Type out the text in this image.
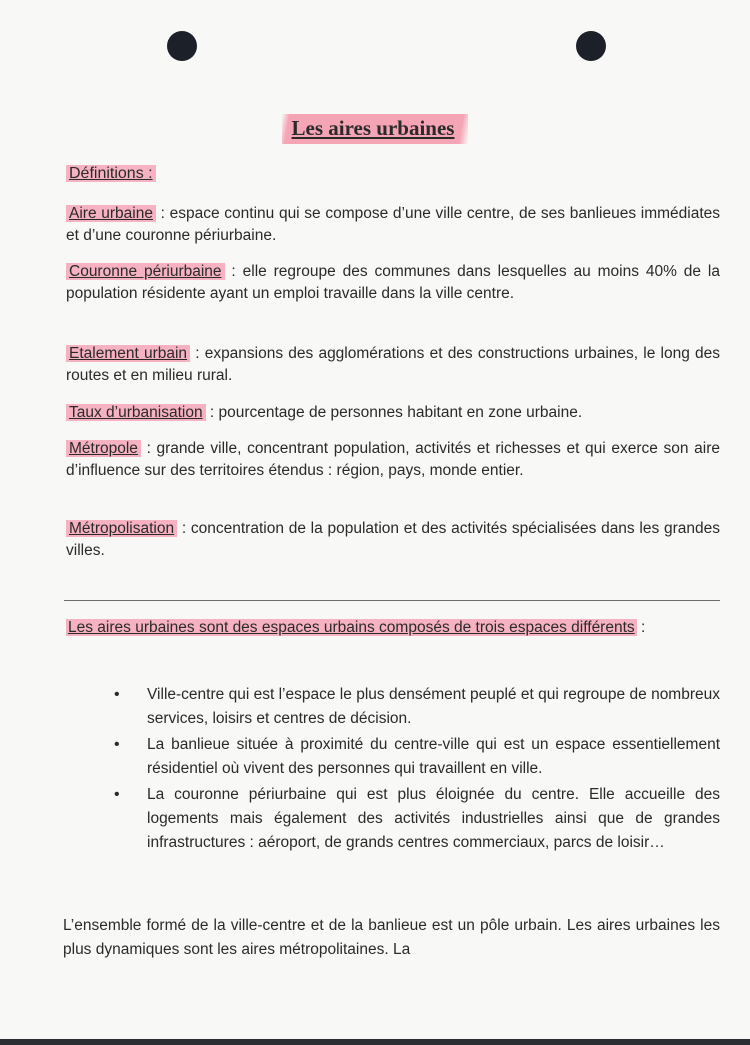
Les aires urbaines
Définitions :
Aire urbaine : espace continu qui se compose d’une ville centre, de ses banlieues immédiates et d’une couronne périurbaine.
Couronne périurbaine : elle regroupe des communes dans lesquelles au moins 40% de la population résidente ayant un emploi travaille dans la ville centre.
Etalement urbain : expansions des agglomérations et des constructions urbaines, le long des routes et en milieu rural.
Taux d’urbanisation : pourcentage de personnes habitant en zone urbaine.
Métropole : grande ville, concentrant population, activités et richesses et qui exerce son aire d’influence sur des territoires étendus : région, pays, monde entier.
Métropolisation : concentration de la population et des activités spécialisées dans les grandes villes.
Les aires urbaines sont des espaces urbains composés de trois espaces différents :
• Ville-centre qui est l’espace le plus densément peuplé et qui regroupe de nombreux services, loisirs et centres de décision.
• La banlieue située à proximité du centre-ville qui est un espace essentiellement résidentiel où vivent des personnes qui travaillent en ville.
• La couronne périurbaine qui est plus éloignée du centre. Elle accueille des logements mais également des activités industrielles ainsi que de grandes infrastructures : aéroport, de grands centres commerciaux, parcs de loisir…
L’ensemble formé de la ville-centre et de la banlieue est un pôle urbain. Les aires urbaines les plus dynamiques sont les aires métropolitaines. La
